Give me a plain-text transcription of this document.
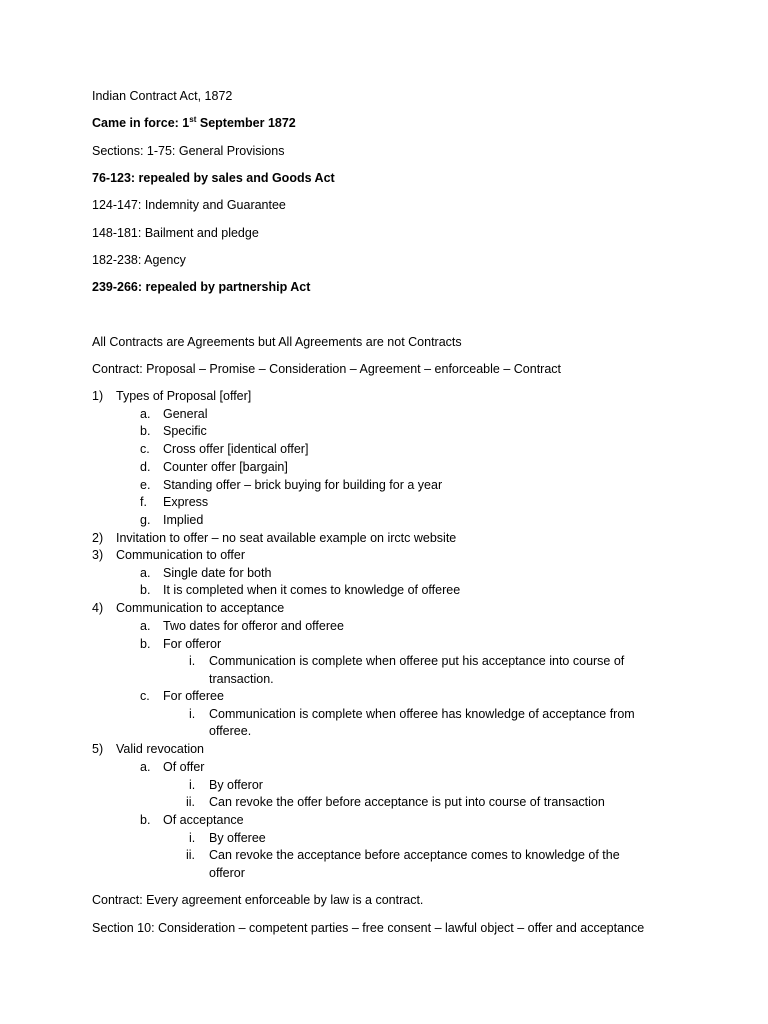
Indian Contract Act, 1872
Came in force: 1st September 1872
Sections: 1-75: General Provisions
76-123: repealed by sales and Goods Act
124-147: Indemnity and Guarantee
148-181: Bailment and pledge
182-238: Agency
239-266: repealed by partnership Act
All Contracts are Agreements but All Agreements are not Contracts
Contract: Proposal – Promise – Consideration – Agreement – enforceable – Contract
1) Types of Proposal [offer]
a. General
b. Specific
c. Cross offer [identical offer]
d. Counter offer [bargain]
e. Standing offer – brick buying for building for a year
f. Express
g. Implied
2) Invitation to offer – no seat available example on irctc website
3) Communication to offer
a. Single date for both
b. It is completed when it comes to knowledge of offeree
4) Communication to acceptance
a. Two dates for offeror and offeree
b. For offeror
i. Communication is complete when offeree put his acceptance into course of
transaction.
c. For offeree
i. Communication is complete when offeree has knowledge of acceptance from
offeree.
5) Valid revocation
a. Of offer
i. By offeror
ii. Can revoke the offer before acceptance is put into course of transaction
b. Of acceptance
i. By offeree
ii. Can revoke the acceptance before acceptance comes to knowledge of the
offeror
Contract: Every agreement enforceable by law is a contract.
Section 10: Consideration – competent parties – free consent – lawful object – offer and acceptance
